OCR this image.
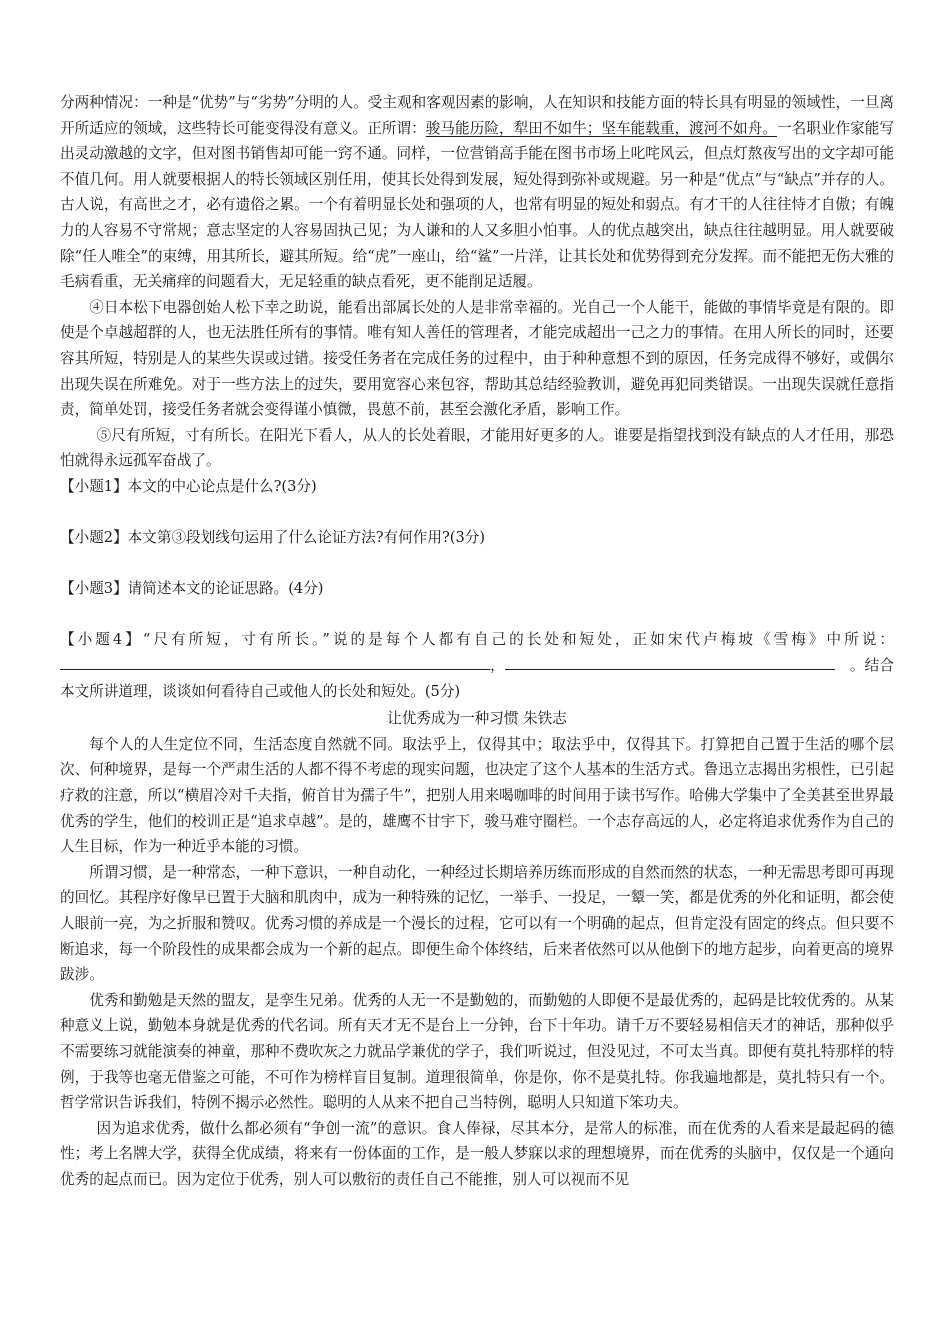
分两种情况：一种是“优势”与“劣势”分明的人。受主观和客观因素的影响，人在知识和技能方面的特长具有明显的领域性，一旦离开所适应的领域，这些特长可能变得没有意义。正所谓：骏马能历险，犁田不如牛；坚车能载重，渡河不如舟。一名职业作家能写出灵动激越的文字，但对图书销售却可能一窍不通。同样，一位营销高手能在图书市场上叱咤风云，但点灯熬夜写出的文字却可能不值几何。用人就要根据人的特长领域区别任用，使其长处得到发展，短处得到弥补或规避。另一种是“优点”与“缺点”并存的人。古人说，有高世之才，必有遗俗之累。一个有着明显长处和强项的人，也常有明显的短处和弱点。有才干的人往往恃才自傲；有魄力的人容易不守常规；意志坚定的人容易固执己见；为人谦和的人又多胆小怕事。人的优点越突出，缺点往往越明显。用人就要破除“任人唯全”的束缚，用其所长，避其所短。给“虎”一座山，给“鲨”一片洋，让其长处和优势得到充分发挥。而不能把无伤大雅的毛病看重，无关痛痒的问题看大，无足轻重的缺点看死，更不能削足适履。

④日本松下电器创始人松下幸之助说，能看出部属长处的人是非常幸福的。光自己一个人能干，能做的事情毕竟是有限的。即使是个卓越超群的人，也无法胜任所有的事情。唯有知人善任的管理者，才能完成超出一己之力的事情。在用人所长的同时，还要容其所短，特别是人的某些失误或过错。接受任务者在完成任务的过程中，由于种种意想不到的原因，任务完成得不够好，或偶尔出现失误在所难免。对于一些方法上的过失，要用宽容心来包容，帮助其总结经验教训，避免再犯同类错误。一出现失误就任意指责，简单处罚，接受任务者就会变得谨小慎微，畏葸不前，甚至会激化矛盾，影响工作。

⑤尺有所短，寸有所长。在阳光下看人，从人的长处着眼，才能用好更多的人。谁要是指望找到没有缺点的人才任用，那恐怕就得永远孤军奋战了。

【小题1】本文的中心论点是什么?(3分)

【小题2】本文第③段划线句运用了什么论证方法?有何作用?(3分)

【小题3】请简述本文的论证思路。(4分)

【小题4】“尺有所短，寸有所长。”说的是每个人都有自己的长处和短处，正如宋代卢梅坡《雪梅》中所说：，	　。结合本文所讲道理，谈谈如何看待自己或他人的长处和短处。(5分)

让优秀成为一种习惯 朱铁志

每个人的人生定位不同，生活态度自然就不同。取法乎上，仅得其中；取法乎中，仅得其下。打算把自己置于生活的哪个层次、何种境界，是每一个严肃生活的人都不得不考虑的现实问题，也决定了这个人基本的生活方式。鲁迅立志揭出劣根性，已引起疗救的注意，所以“横眉冷对千夫指，俯首甘为孺子牛”，把别人用来喝咖啡的时间用于读书写作。哈佛大学集中了全美甚至世界最优秀的学生，他们的校训正是“追求卓越”。是的，雄鹰不甘宇下，骏马难守圈栏。一个志存高远的人，必定将追求优秀作为自己的人生目标，作为一种近乎本能的习惯。

所谓习惯，是一种常态，一种下意识，一种自动化，一种经过长期培养历练而形成的自然而然的状态，一种无需思考即可再现的回忆。其程序好像早已置于大脑和肌肉中，成为一种特殊的记忆，一举手、一投足，一颦一笑，都是优秀的外化和证明，都会使人眼前一亮，为之折服和赞叹。优秀习惯的养成是一个漫长的过程，它可以有一个明确的起点，但肯定没有固定的终点。但只要不断追求，每一个阶段性的成果都会成为一个新的起点。即便生命个体终结，后来者依然可以从他倒下的地方起步，向着更高的境界跋涉。

优秀和勤勉是天然的盟友，是孪生兄弟。优秀的人无一不是勤勉的，而勤勉的人即便不是最优秀的，起码是比较优秀的。从某种意义上说，勤勉本身就是优秀的代名词。所有天才无不是台上一分钟，台下十年功。请千万不要轻易相信天才的神话，那种似乎不需要练习就能演奏的神童，那种不费吹灰之力就品学兼优的学子，我们听说过，但没见过，不可太当真。即便有莫扎特那样的特例，于我等也毫无借鉴之可能，不可作为榜样盲目复制。道理很简单，你是你，你不是莫扎特。你我遍地都是，莫扎特只有一个。哲学常识告诉我们，特例不揭示必然性。聪明的人从来不把自己当特例，聪明人只知道下笨功夫。

因为追求优秀，做什么都必须有“争创一流”的意识。食人俸禄，尽其本分，是常人的标准，而在优秀的人看来是最起码的德性；考上名牌大学，获得全优成绩，将来有一份体面的工作，是一般人梦寐以求的理想境界，而在优秀的头脑中，仅仅是一个通向优秀的起点而已。因为定位于优秀，别人可以敷衍的责任自己不能推，别人可以视而不见
